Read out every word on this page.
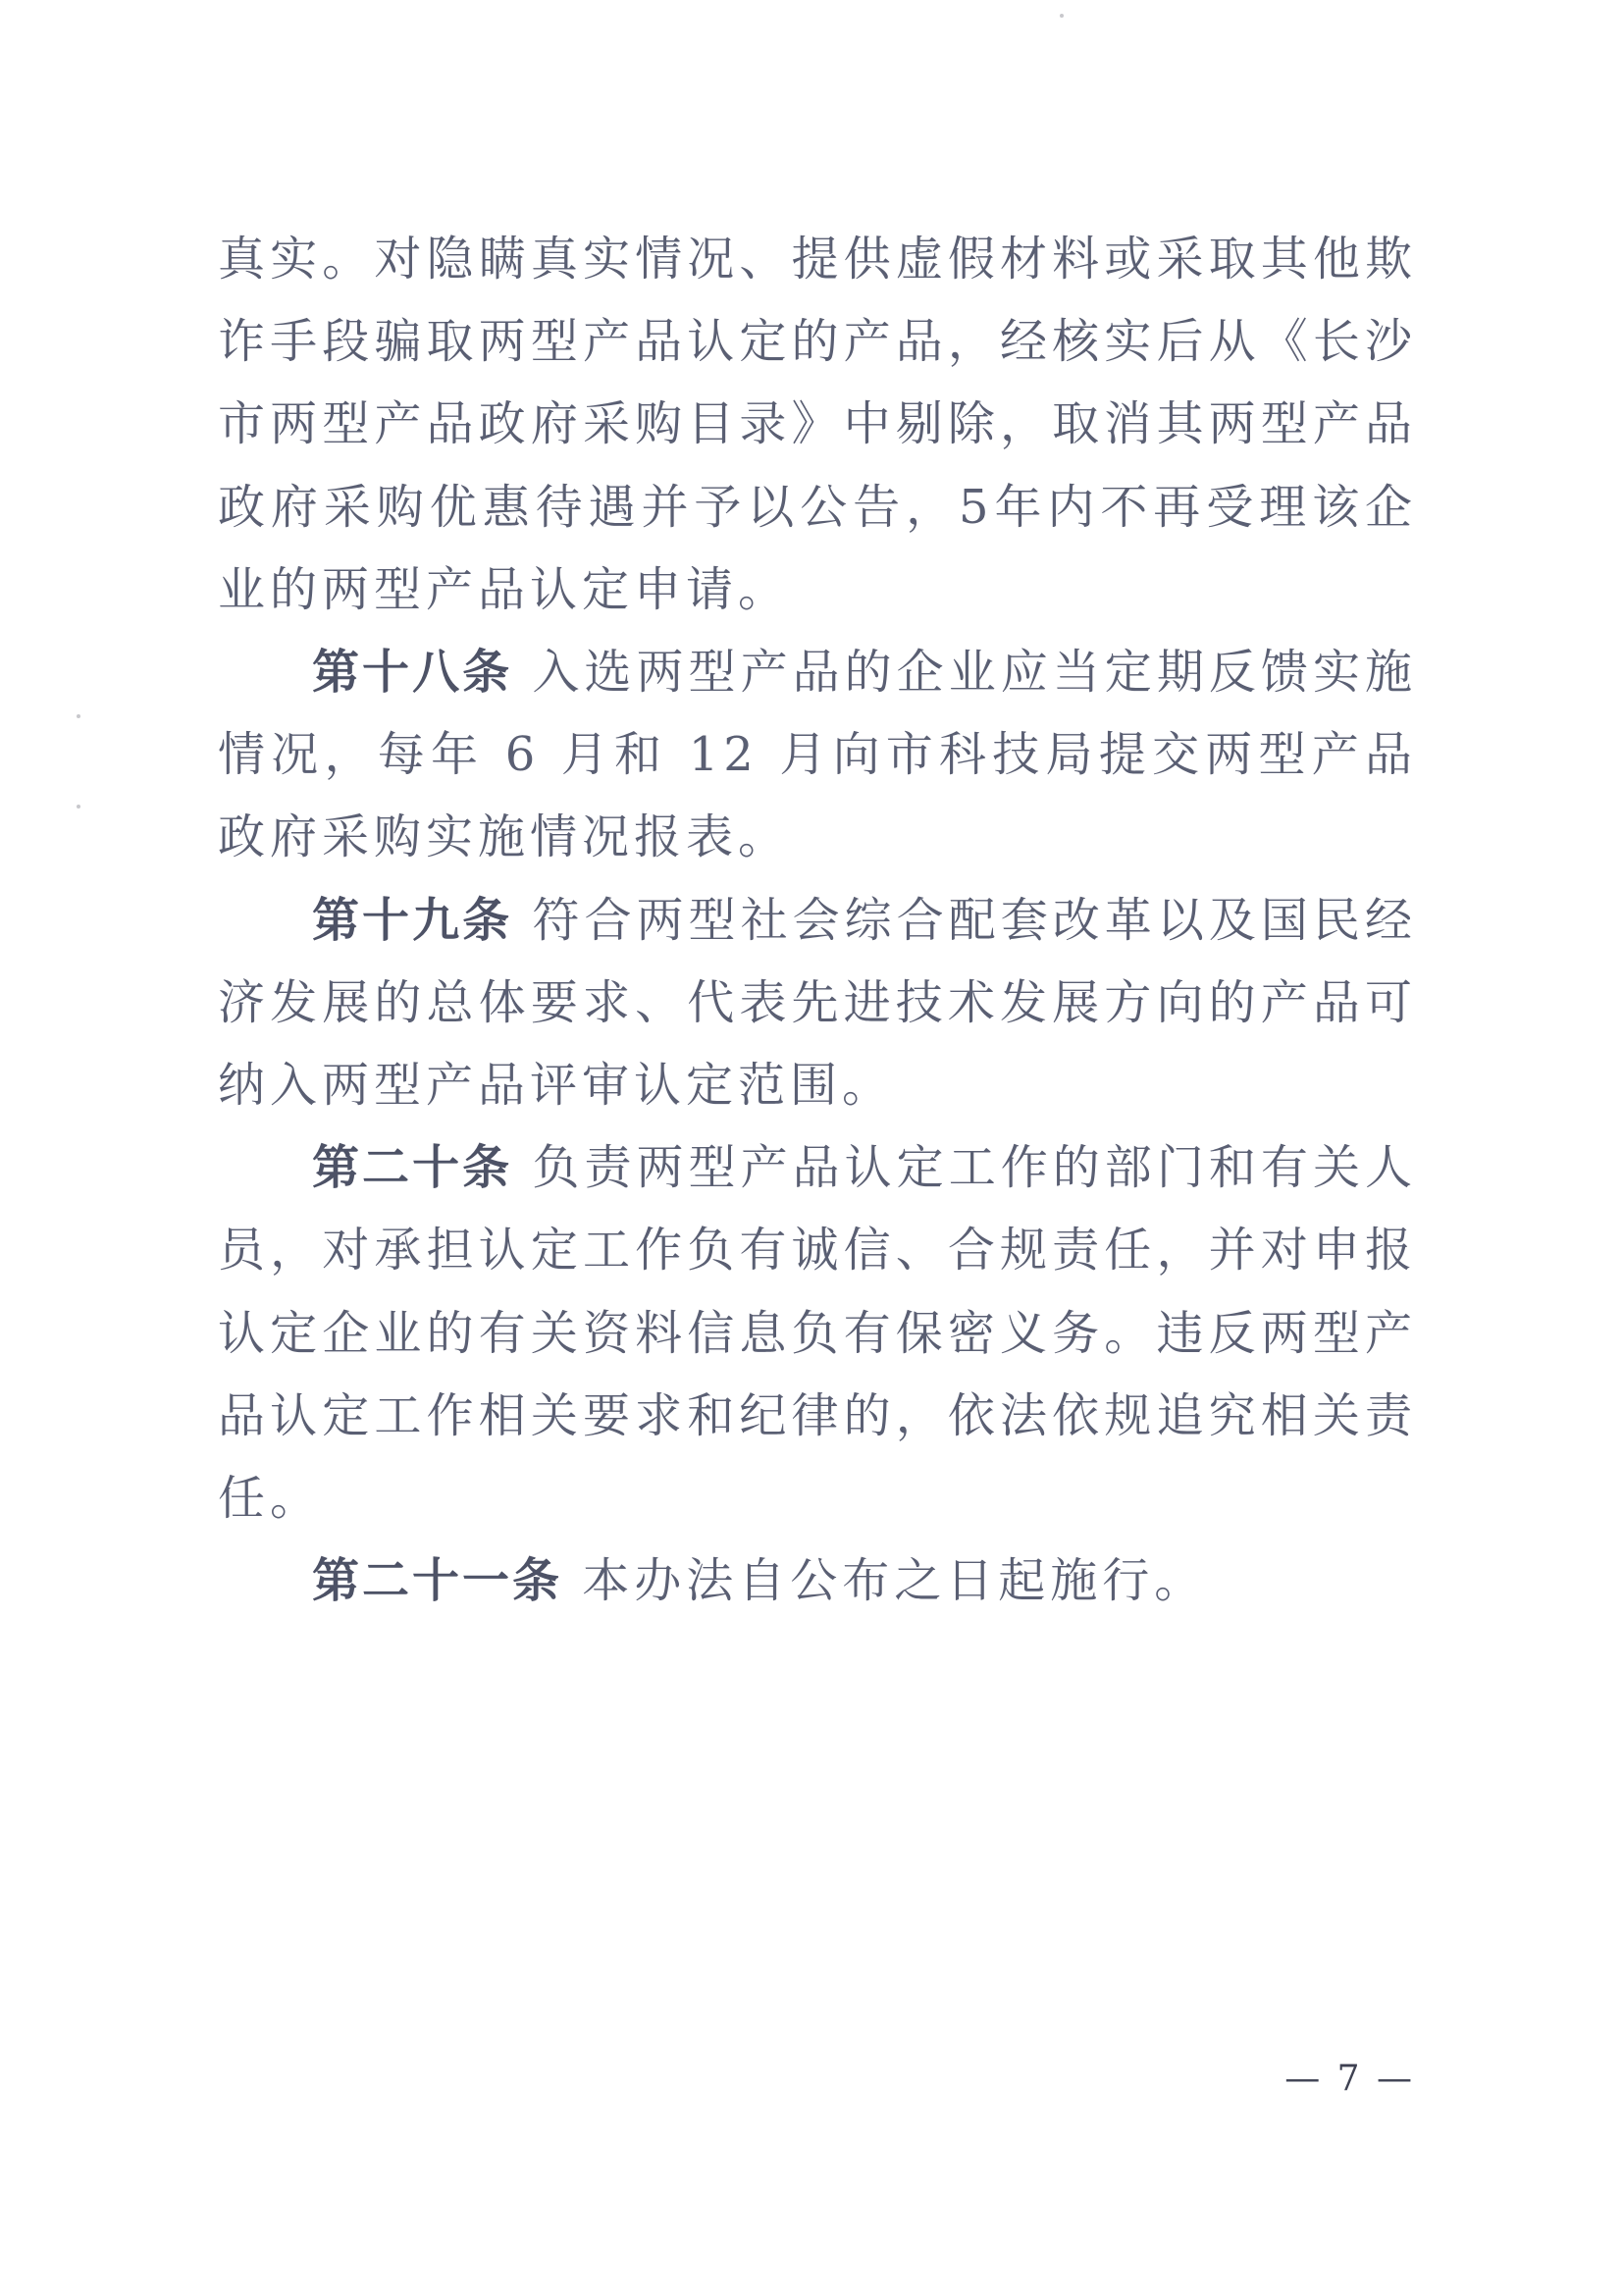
真实。对隐瞒真实情况、提供虚假材料或采取其他欺诈手段骗取两型产品认定的产品，经核实后从《长沙市两型产品政府采购目录》中剔除，取消其两型产品政府采购优惠待遇并予以公告，5年内不再受理该企业的两型产品认定申请。

第十八条 入选两型产品的企业应当定期反馈实施情况，每年 6 月和 12 月向市科技局提交两型产品政府采购实施情况报表。

第十九条 符合两型社会综合配套改革以及国民经济发展的总体要求、代表先进技术发展方向的产品可纳入两型产品评审认定范围。

第二十条 负责两型产品认定工作的部门和有关人员，对承担认定工作负有诚信、合规责任，并对申报认定企业的有关资料信息负有保密义务。违反两型产品认定工作相关要求和纪律的，依法依规追究相关责任。

第二十一条 本办法自公布之日起施行。

— 7 —
